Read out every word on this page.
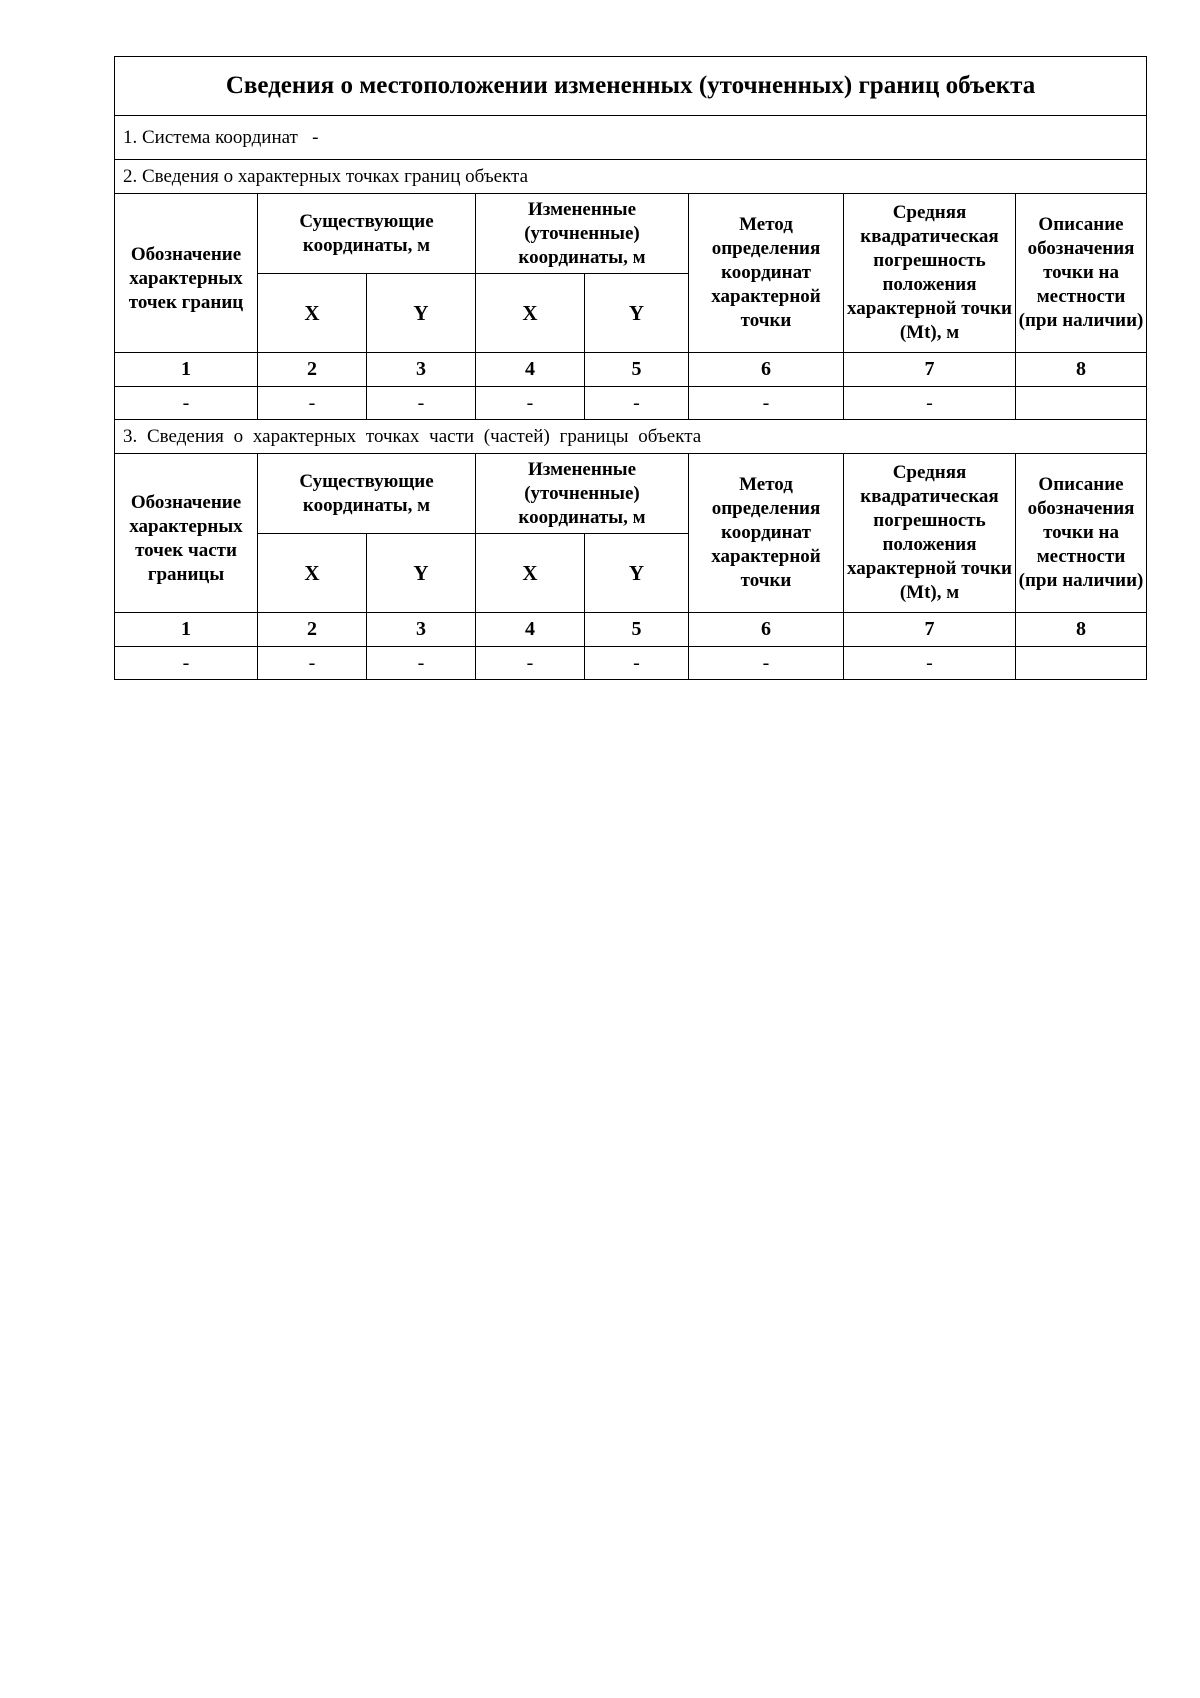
Сведения о местоположении измененных (уточненных) границ объекта							
1. Система координат   -							
2. Сведения о характерных точках границ объекта							

Обозначение характерных точек границ	Существующие координаты, м		Измененные (уточненные) координаты, м		Метод определения координат характерной точки	Средняя квадратическая погрешность положения характерной точки (Mt), м	Описание обозначения точки на местности (при наличии)
	X	Y	X	Y			
1	2	3	4	5	6	7	8
-	-	-	-	-	-	-	
3. Сведения о характерных точках части (частей) границы объекта							

Обозначение характерных точек части границы	Существующие координаты, м		Измененные (уточненные) координаты, м		Метод определения координат характерной точки	Средняя квадратическая погрешность положения характерной точки (Mt), м	Описание обозначения точки на местности (при наличии)
	X	Y	X	Y			
1	2	3	4	5	6	7	8
-	-	-	-	-	-	-	
